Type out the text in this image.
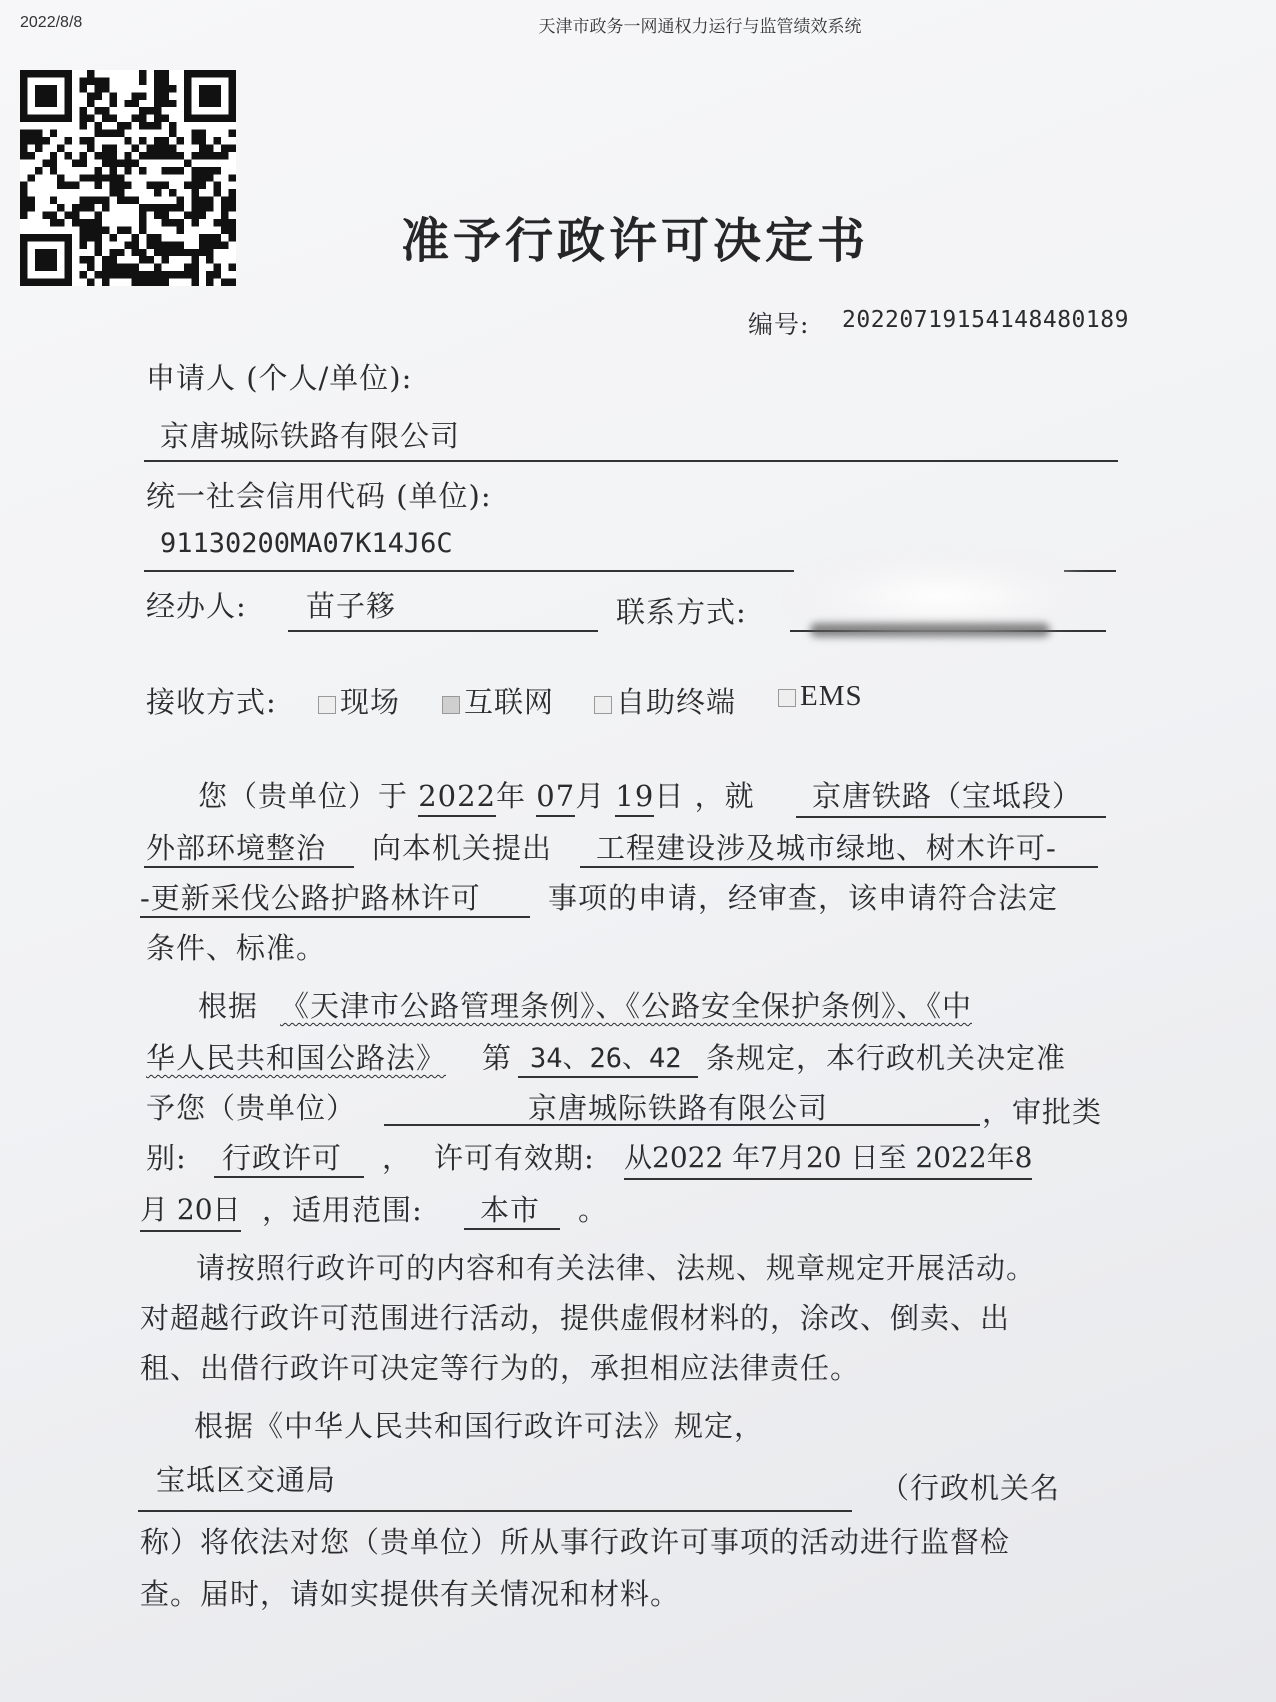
2022/8/8	天津市政务一网通权力运行与监管绩效系统
准予行政许可决定书
编号: 20220719154148480189
申请人 (个人/单位):
京唐城际铁路有限公司
统一社会信用代码 (单位):
91130200MA07K14J6C
经办人: 苗子簃	联系方式:
接收方式:	现场	互联网	自助终端	EMS
您（贵单位）于 2022年 07月 19日 ，就 京唐铁路（宝坻段）
外部环境整治 向本机关提出 工程建设涉及城市绿地、树木许可-
-更新采伐公路护路林许可 事项的申请，经审查，该申请符合法定
条件、标准。
根据 《天津市公路管理条例》、《公路安全保护条例》、《中
华人民共和国公路法》 第 34、26、42 条规定，本行政机关决定准
予您（贵单位）	京唐城际铁路有限公司	，审批类
别: 行政许可 ， 许可有效期: 从2022 年7月20 日至 2022年8
月 20日 ，适用范围: 本市 。
请按照行政许可的内容和有关法律、法规、规章规定开展活动。
对超越行政许可范围进行活动，提供虚假材料的，涂改、倒卖、出
租、出借行政许可决定等行为的，承担相应法律责任。
根据《中华人民共和国行政许可法》规定，
宝坻区交通局	（行政机关名
称）将依法对您（贵单位）所从事行政许可事项的活动进行监督检
查。届时，请如实提供有关情况和材料。
